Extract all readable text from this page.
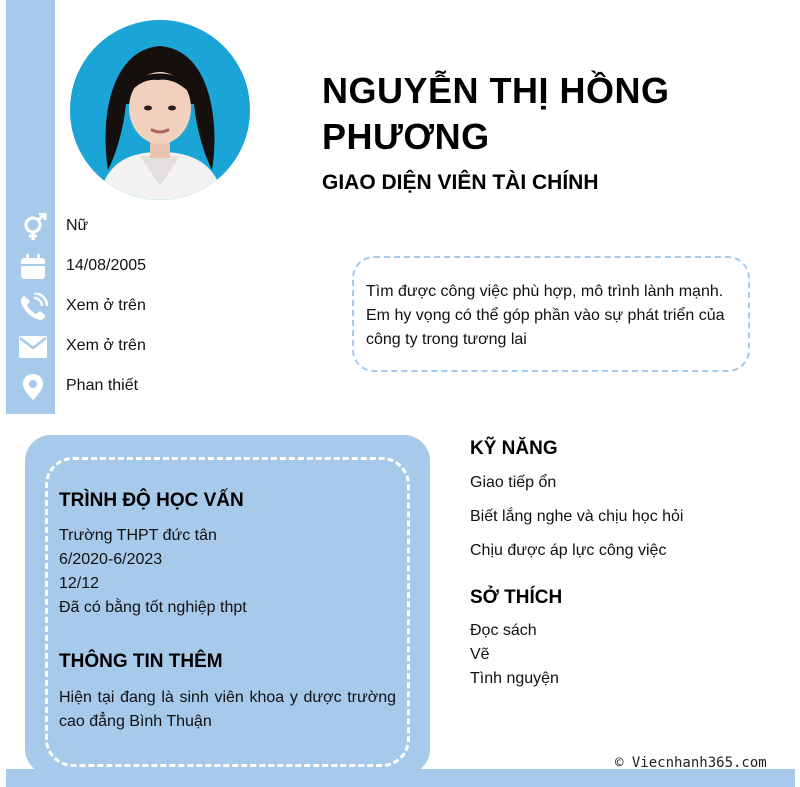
NGUYỄN THỊ HỒNG PHƯƠNG
GIAO DIỆN VIÊN TÀI CHÍNH
Nữ
14/08/2005
Xem ở trên
Xem ở trên
Phan thiết
Tìm được công việc phù hợp, mô trình lành mạnh. Em hy vọng có thể góp phần vào sự phát triển của công ty trong tương lai
TRÌNH ĐỘ HỌC VẤN
Trường THPT đức tân
6/2020-6/2023
12/12
Đã có bằng tốt nghiệp thpt
THÔNG TIN THÊM
Hiện tại đang là sinh viên khoa y dược trường cao đẳng Bình Thuận
KỸ NĂNG
Giao tiếp ổn
Biết lắng nghe và chịu học hỏi
Chịu được áp lực công việc
SỞ THÍCH
Đọc sách
Vẽ
Tình nguyện
© Viecnhanh365.com
